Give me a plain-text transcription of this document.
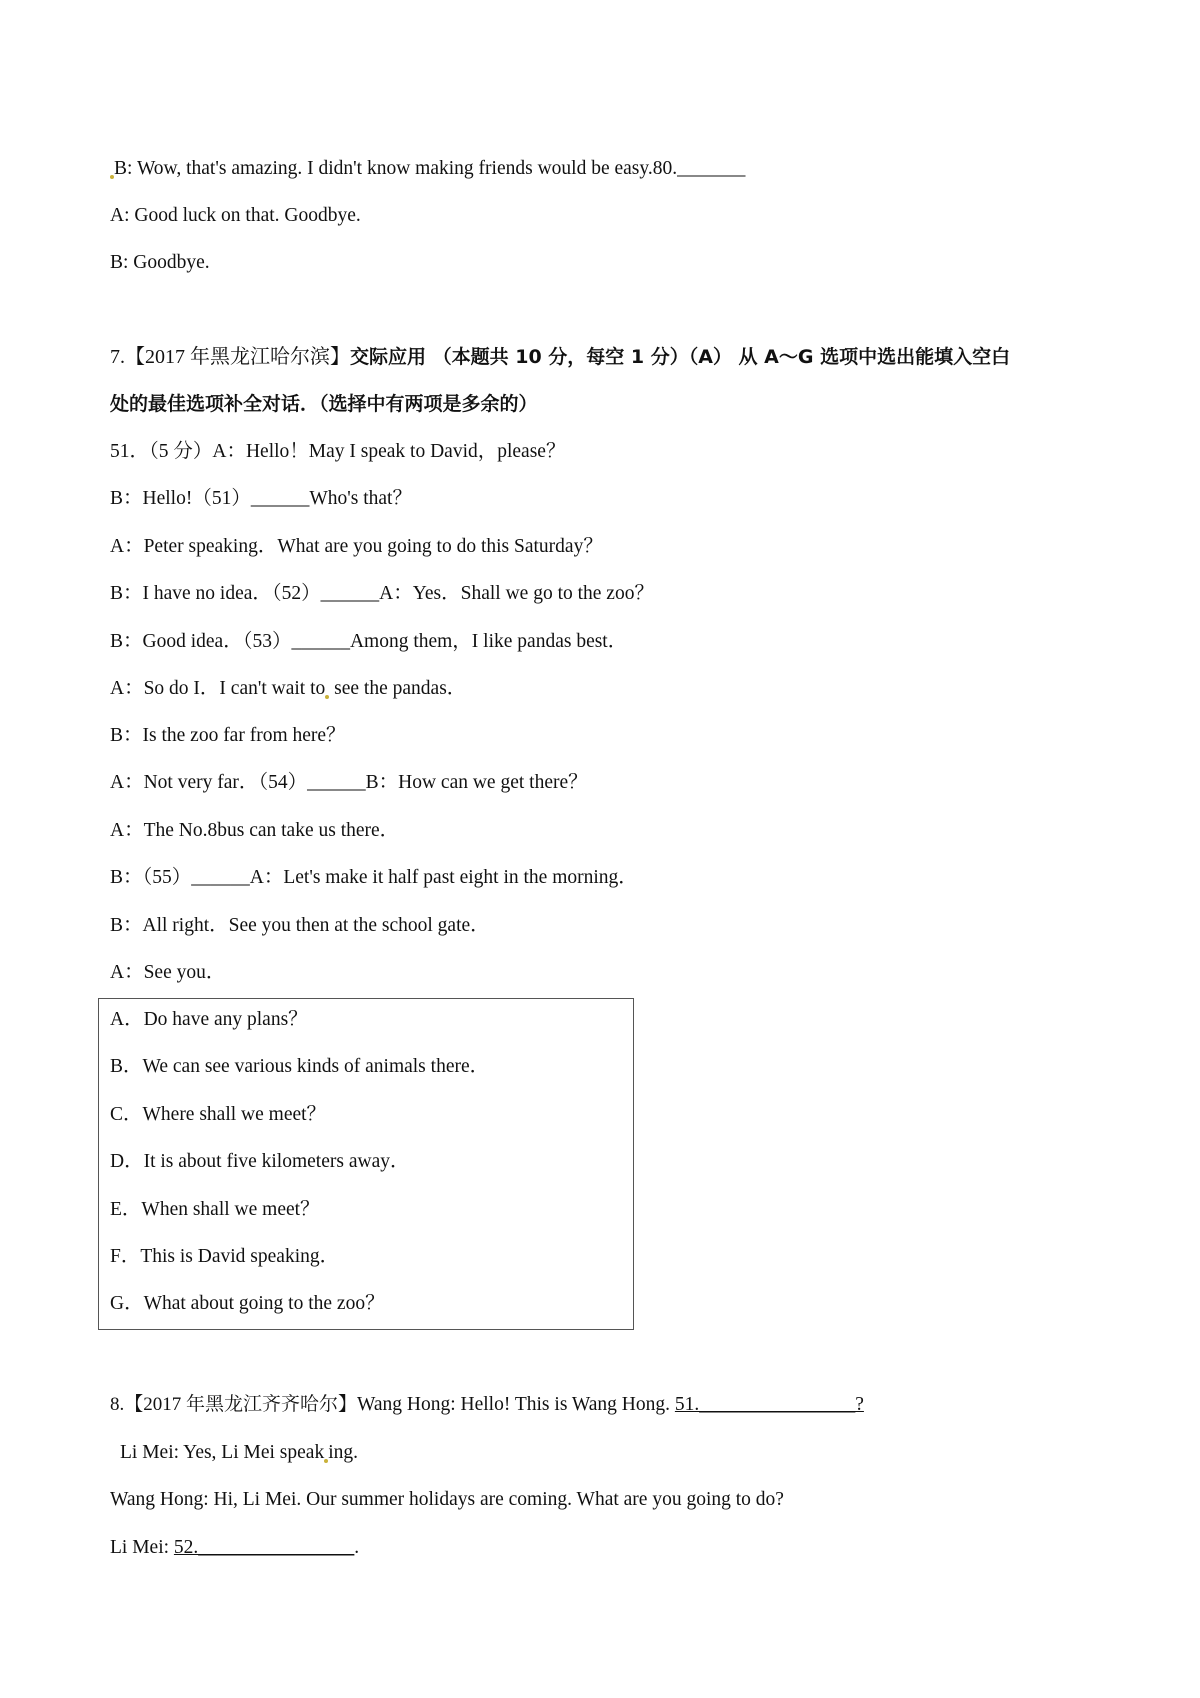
B: Wow, that's amazing. I didn't know making friends would be easy.80._______
A: Good luck on that. Goodbye.
B: Goodbye.
7.【2017 年黑龙江哈尔滨】交际应用 （本题共 10 分，每空 1 分）（A） 从 A～G 选项中选出能填入空白
处的最佳选项补全对话．（选择中有两项是多余的）
51．（5 分）A：Hello！May I speak to David，please？
B：Hello!（51）______Who's that？
A：Peter speaking．What are you going to do this Saturday？
B：I have no idea．（52）______A：Yes．Shall we go to the zoo？
B：Good idea．（53）______Among them，I like pandas best．
A：So do I．I can't wait to see the pandas．
B：Is the zoo far from here？
A：Not very far．（54）______B：How can we get there？
A：The No.8bus can take us there．
B：（55）______A：Let's make it half past eight in the morning．
B：All right．See you then at the school gate．
A：See you．
A．Do have any plans？
B．We can see various kinds of animals there．
C．Where shall we meet？
D．It is about five kilometers away．
E．When shall we meet？
F．This is David speaking．
G．What about going to the zoo？
8.【2017 年黑龙江齐齐哈尔】Wang Hong: Hello! This is Wang Hong. 51.________________?
Li Mei: Yes, Li Mei speak ing.
Wang Hong: Hi, Li Mei. Our summer holidays are coming. What are you going to do?
Li Mei: 52.________________.
